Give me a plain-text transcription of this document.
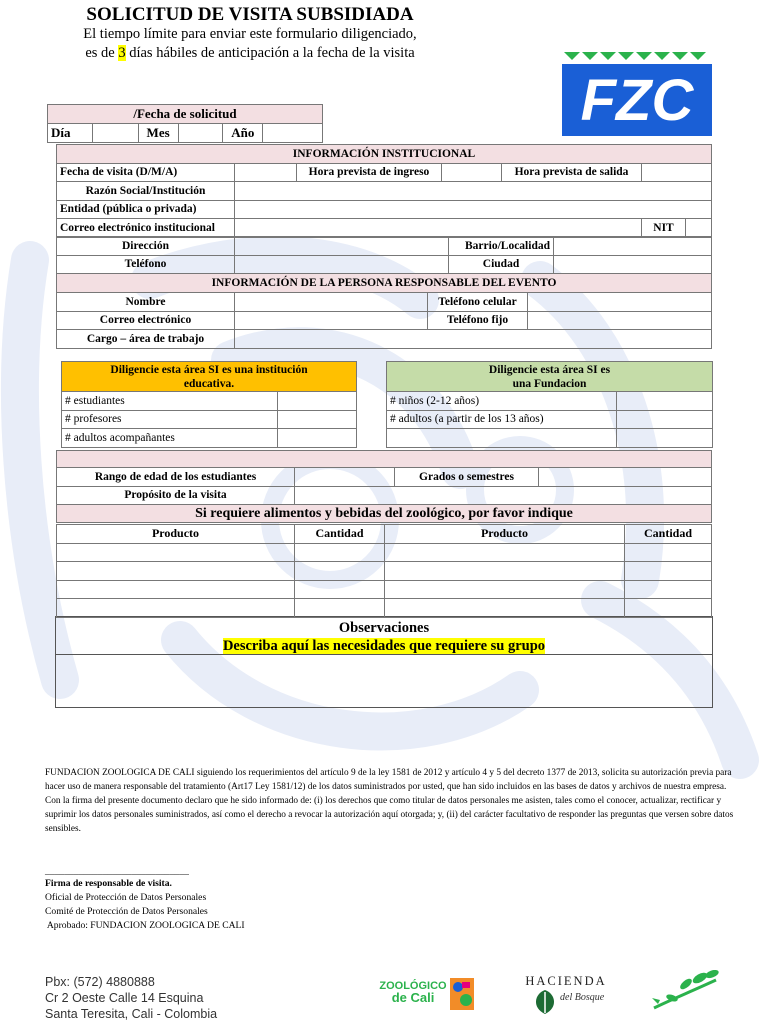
SOLICITUD DE VISITA SUBSIDIADA
El tiempo límite para enviar este formulario diligenciado,
es de 3 días hábiles de anticipación a la fecha de la visita
FZC
/Fecha de solicitud
Día		Mes		Año	
INFORMACIÓN INSTITUCIONAL						
Fecha de visita (D/M/A)		Hora prevista de ingreso		Hora prevista de salida		
Razón Social/Institución						
Entidad (pública o privada)						
Correo electrónico institucional					NIT	
Dirección		Barrio/Localidad	
Teléfono		Ciudad	
INFORMACIÓN DE LA PERSONA RESPONSABLE DEL EVENTO			
Nombre		Teléfono celular	
Correo electrónico		Teléfono fijo	
Cargo – área de trabajo			
Diligencie esta área SI es una institución
educativa.	
# estudiantes	
# profesores	
# adultos acompañantes	
Diligencie esta área SI es
una Fundacion	
# niños (2-12 años)	
# adultos (a partir de los 13 años)	

Rango de edad de los estudiantes		Grados o semestres	
Propósito de la visita			
Si requiere alimentos y bebidas del zoológico, por favor indique			
Producto	Cantidad	Producto	Cantidad

Observaciones
Describa aquí las necesidades que requiere su grupo
FUNDACION ZOOLOGICA DE CALI siguiendo los requerimientos del artículo 9 de la ley 1581 de 2012 y artículo 4 y 5 del decreto 1377 de 2013, solicita su autorización previa para hacer uso de manera responsable del tratamiento (Art17 Ley 1581/12) de los datos suministrados por usted, que han sido incluidos en las bases de datos y archivos de nuestra empresa.
Con la firma del presente documento declaro que he sido informado de: (i) los derechos que como titular de datos personales me asisten, tales como el conocer, actualizar, rectificar y suprimir los datos personales suministrados, así como el derecho a revocar la autorización aquí otorgada; y, (ii) del carácter facultativo de responder las preguntas que versen sobre datos sensibles.
______________________________
Firma de responsable de visita.
Oficial de Protección de Datos Personales
Comité de Protección de Datos Personales
Aprobado: FUNDACION ZOOLOGICA DE CALI
Pbx: (572) 4880888
Cr 2 Oeste Calle 14 Esquina
Santa Teresita, Cali - Colombia
ZOOLÓGICO
de Cali
HACIENDA
del Bosque
